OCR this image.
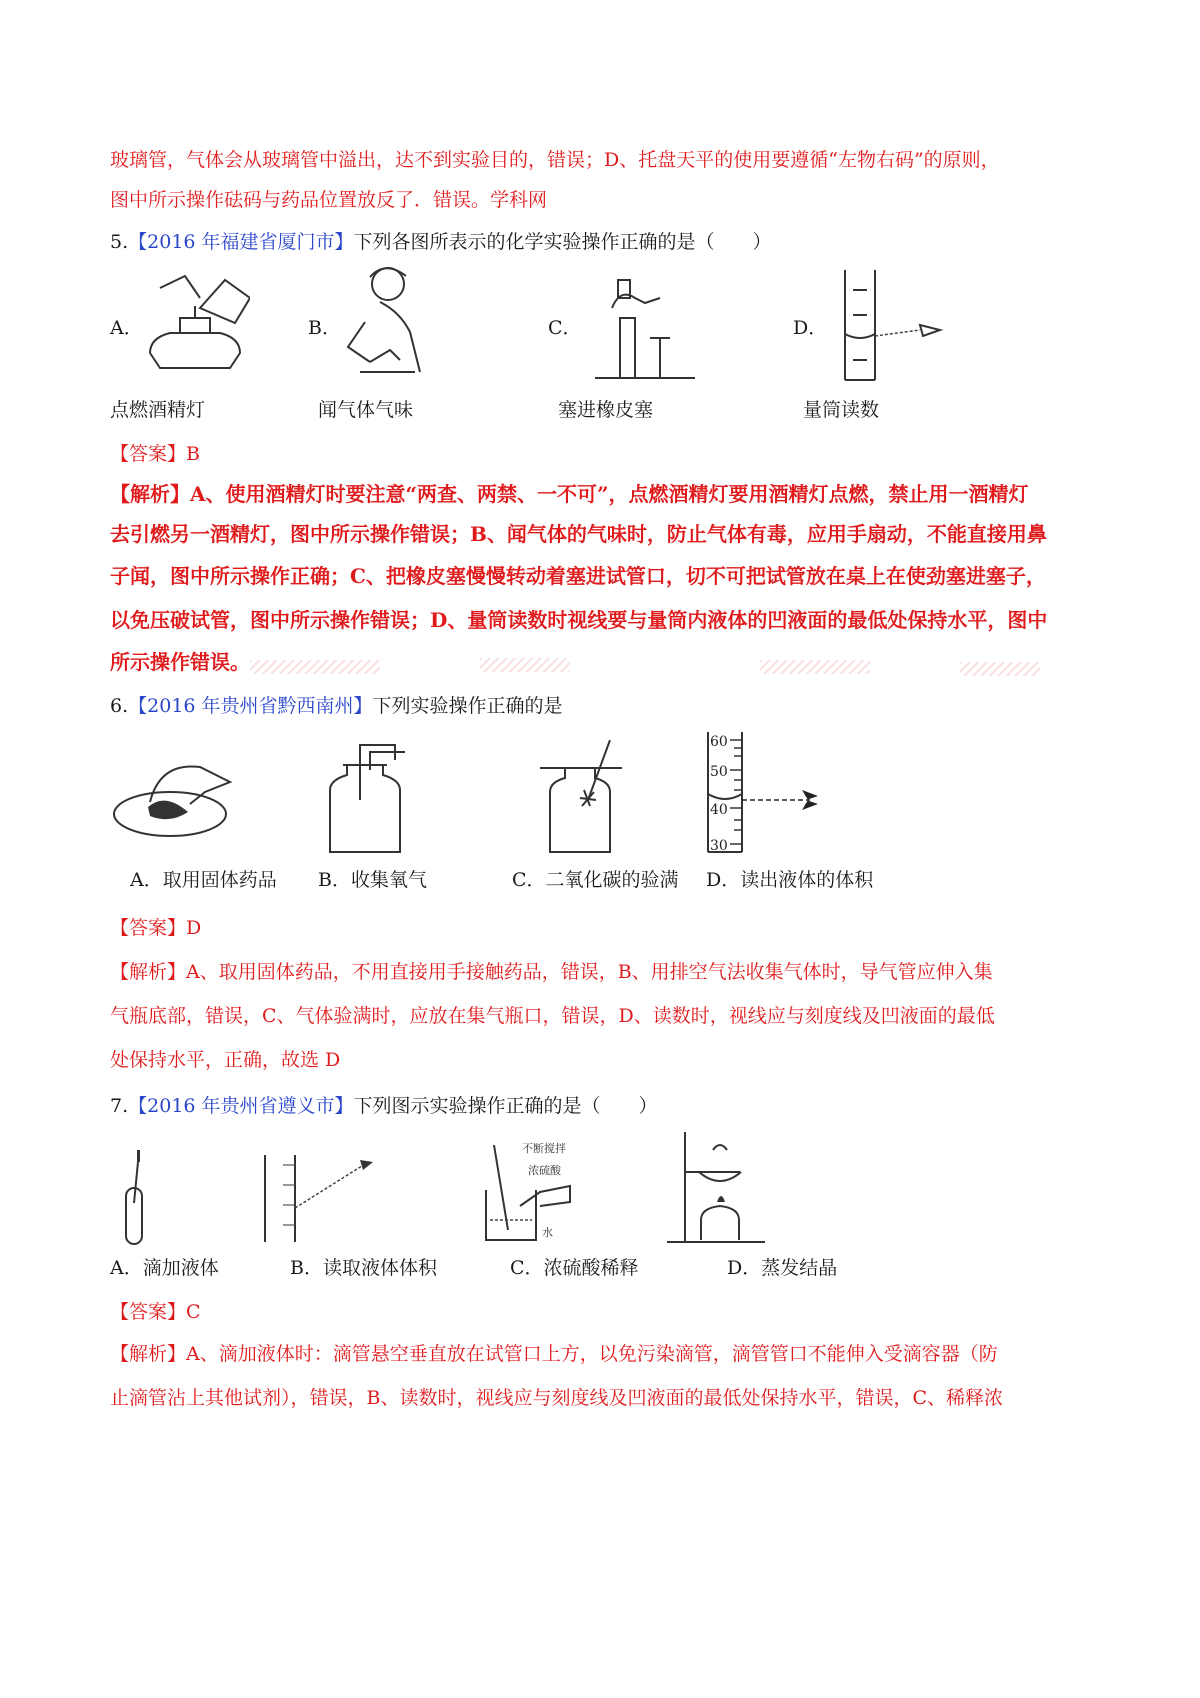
玻璃管，气体会从玻璃管中溢出，达不到实验目的，错误；D、托盘天平的使用要遵循“左物右码”的原则，
图中所示操作砝码与药品位置放反了．错误。学科网
5.【2016 年福建省厦门市】下列各图所表示的化学实验操作正确的是（　　）
A．	B．	C．	D．
点燃酒精灯	闻气体气味	塞进橡皮塞	量筒读数
【答案】B
【解析】A、使用酒精灯时要注意“两查、两禁、一不可”，点燃酒精灯要用酒精灯点燃，禁止用一酒精灯
去引燃另一酒精灯，图中所示操作错误；B、闻气体的气味时，防止气体有毒，应用手扇动，不能直接用鼻
子闻，图中所示操作正确；C、把橡皮塞慢慢转动着塞进试管口，切不可把试管放在桌上在使劲塞进塞子，
以免压破试管，图中所示操作错误；D、量筒读数时视线要与量筒内液体的凹液面的最低处保持水平，图中
所示操作错误。
6.【2016 年贵州省黔西南州】下列实验操作正确的是
60
50
40
30
A．取用固体药品 B．收集氧气	C．二氧化碳的验满 D．读出液体的体积
【答案】D
【解析】A、取用固体药品，不用直接用手接触药品，错误，B、用排空气法收集气体时，导气管应伸入集
气瓶底部，错误，C、气体验满时，应放在集气瓶口，错误，D、读数时，视线应与刻度线及凹液面的最低
处保持水平，正确，故选 D
7.【2016 年贵州省遵义市】下列图示实验操作正确的是（　　）
不断搅拌
浓硫酸
水
A．滴加液体	B．读取液体体积	C．浓硫酸稀释	D．蒸发结晶
【答案】C
【解析】A、滴加液体时：滴管悬空垂直放在试管口上方，以免污染滴管，滴管管口不能伸入受滴容器（防
止滴管沾上其他试剂），错误，B、读数时，视线应与刻度线及凹液面的最低处保持水平，错误，C、稀释浓
